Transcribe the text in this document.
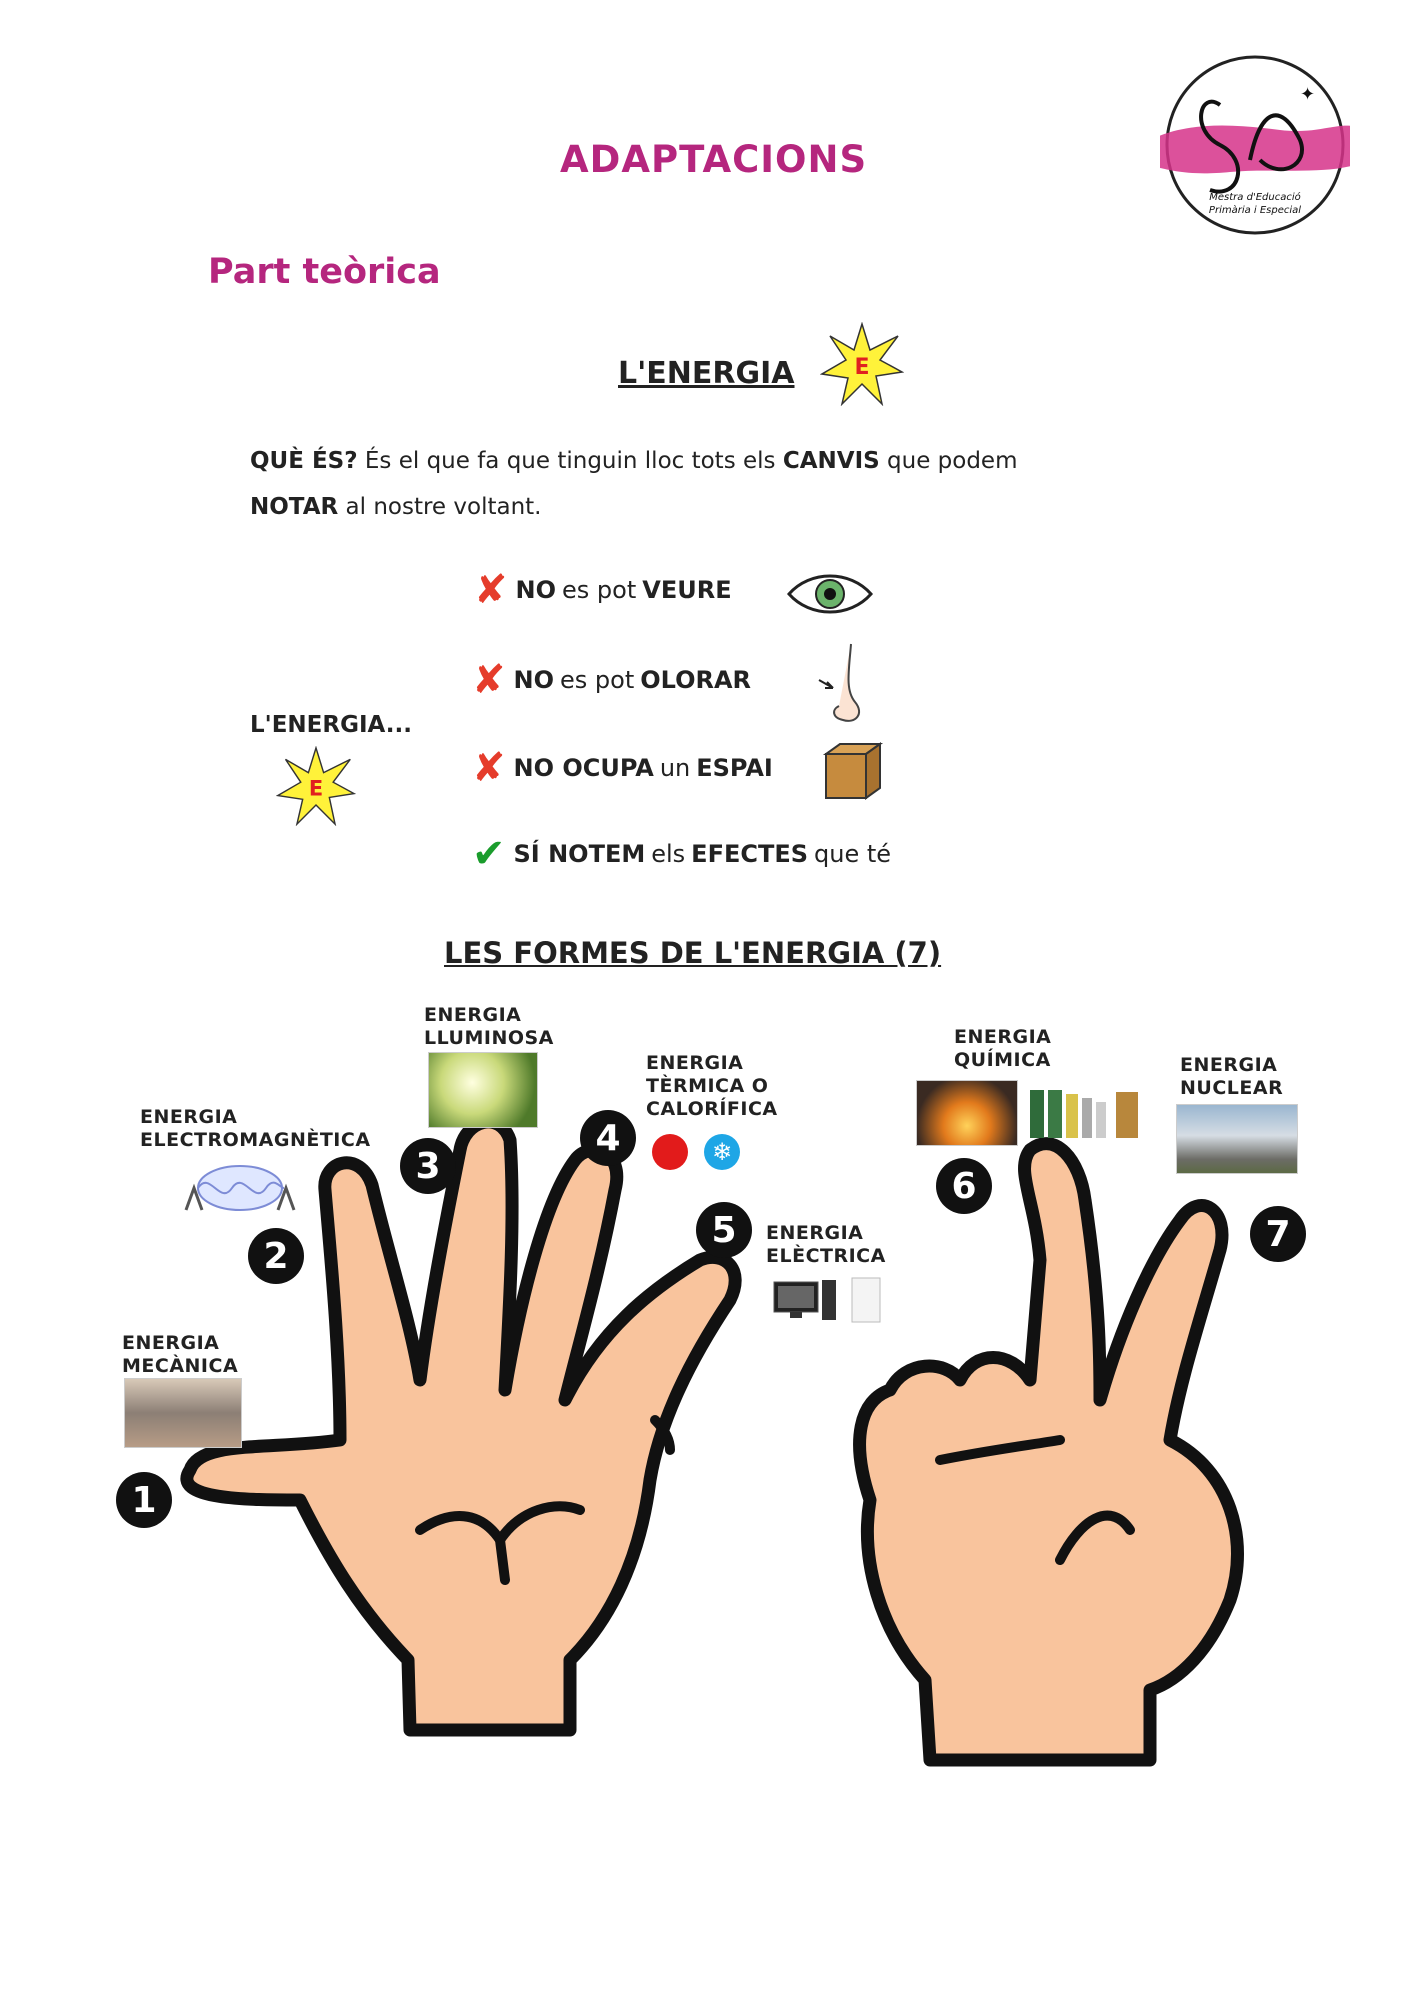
✦
Mestra d'Educació
Primària i Especial
ADAPTACIONS
Part teòrica
L'ENERGIA	E
QUÈ ÉS? És el que fa que tinguin lloc tots els CANVIS que podem
NOTAR al nostre voltant.
L'ENERGIA...
E
✘ NO es pot VEURE
✘ NO es pot OLORAR
✘ NO OCUPA un ESPAI
✔ SÍ NOTEM els EFECTES que té
LES FORMES DE L'ENERGIA (7)
ENERGIA
MECÀNICA
1
ENERGIA
ELECTROMAGNÈTICA
2
ENERGIA
LLUMINOSA
3
ENERGIA
TÈRMICA O
CALORÍFICA
4	❄
ENERGIA
ELÈCTRICA
5
ENERGIA
QUÍMICA
6
ENERGIA
NUCLEAR
7
